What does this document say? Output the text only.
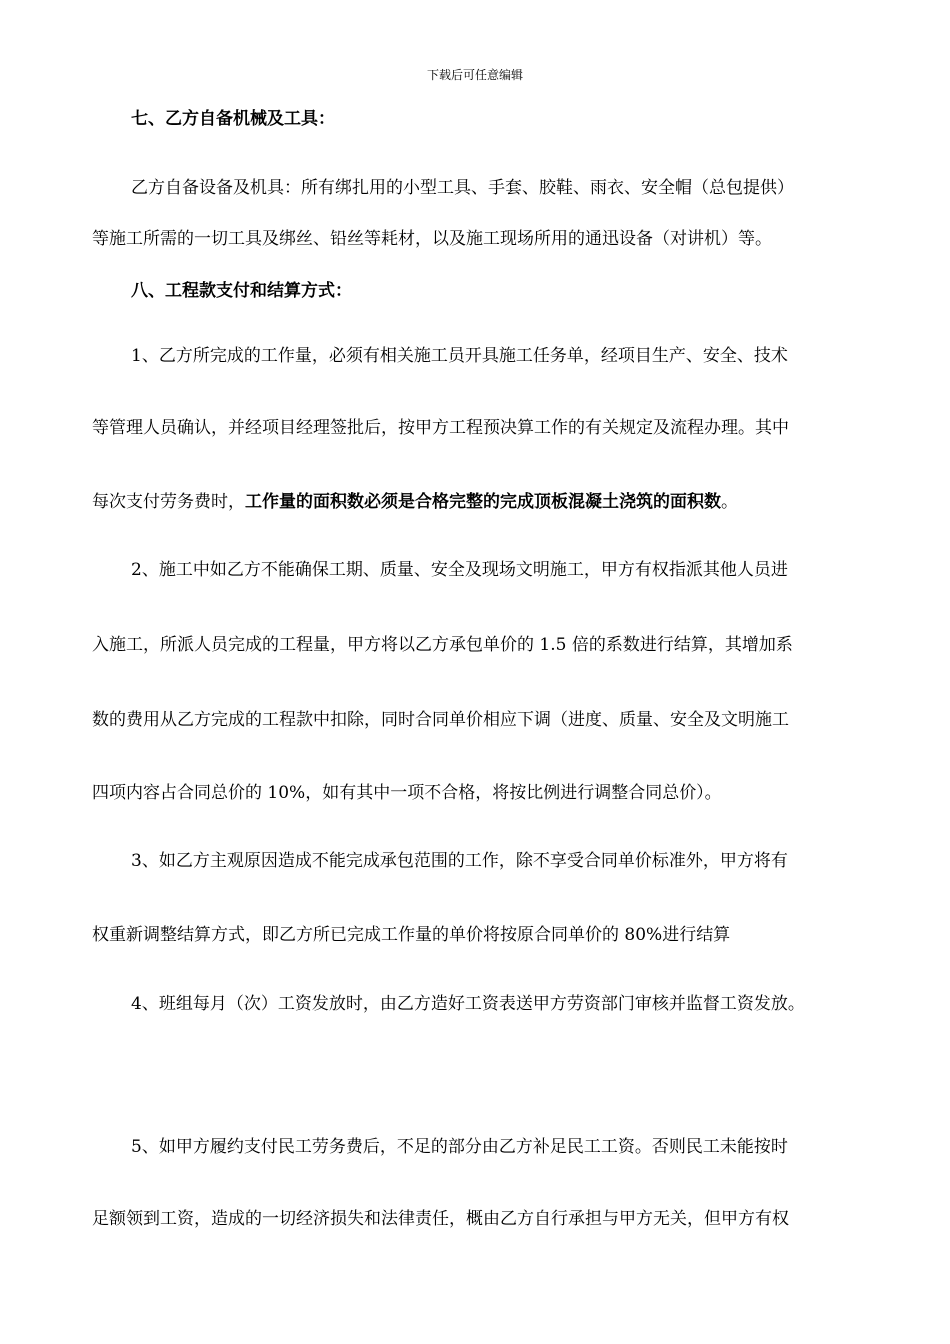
下载后可任意编辑
七、乙方自备机械及工具：
乙方自备设备及机具：所有绑扎用的小型工具、手套、胶鞋、雨衣、安全帽（总包提供）
等施工所需的一切工具及绑丝、铅丝等耗材，以及施工现场所用的通迅设备（对讲机）等。
八、工程款支付和结算方式：
1、乙方所完成的工作量，必须有相关施工员开具施工任务单，经项目生产、安全、技术
等管理人员确认，并经项目经理签批后，按甲方工程预决算工作的有关规定及流程办理。其中
每次支付劳务费时，工作量的面积数必须是合格完整的完成顶板混凝土浇筑的面积数。
2、施工中如乙方不能确保工期、质量、安全及现场文明施工，甲方有权指派其他人员进
入施工，所派人员完成的工程量，甲方将以乙方承包单价的 1.5 倍的系数进行结算，其增加系
数的费用从乙方完成的工程款中扣除，同时合同单价相应下调（进度、质量、安全及文明施工
四项内容占合同总价的 10%，如有其中一项不合格，将按比例进行调整合同总价）。
3、如乙方主观原因造成不能完成承包范围的工作，除不享受合同单价标准外，甲方将有
权重新调整结算方式，即乙方所已完成工作量的单价将按原合同单价的 80%进行结算
4、班组每月（次）工资发放时，由乙方造好工资表送甲方劳资部门审核并监督工资发放。
5、如甲方履约支付民工劳务费后，不足的部分由乙方补足民工工资。否则民工未能按时
足额领到工资，造成的一切经济损失和法律责任，概由乙方自行承担与甲方无关，但甲方有权
